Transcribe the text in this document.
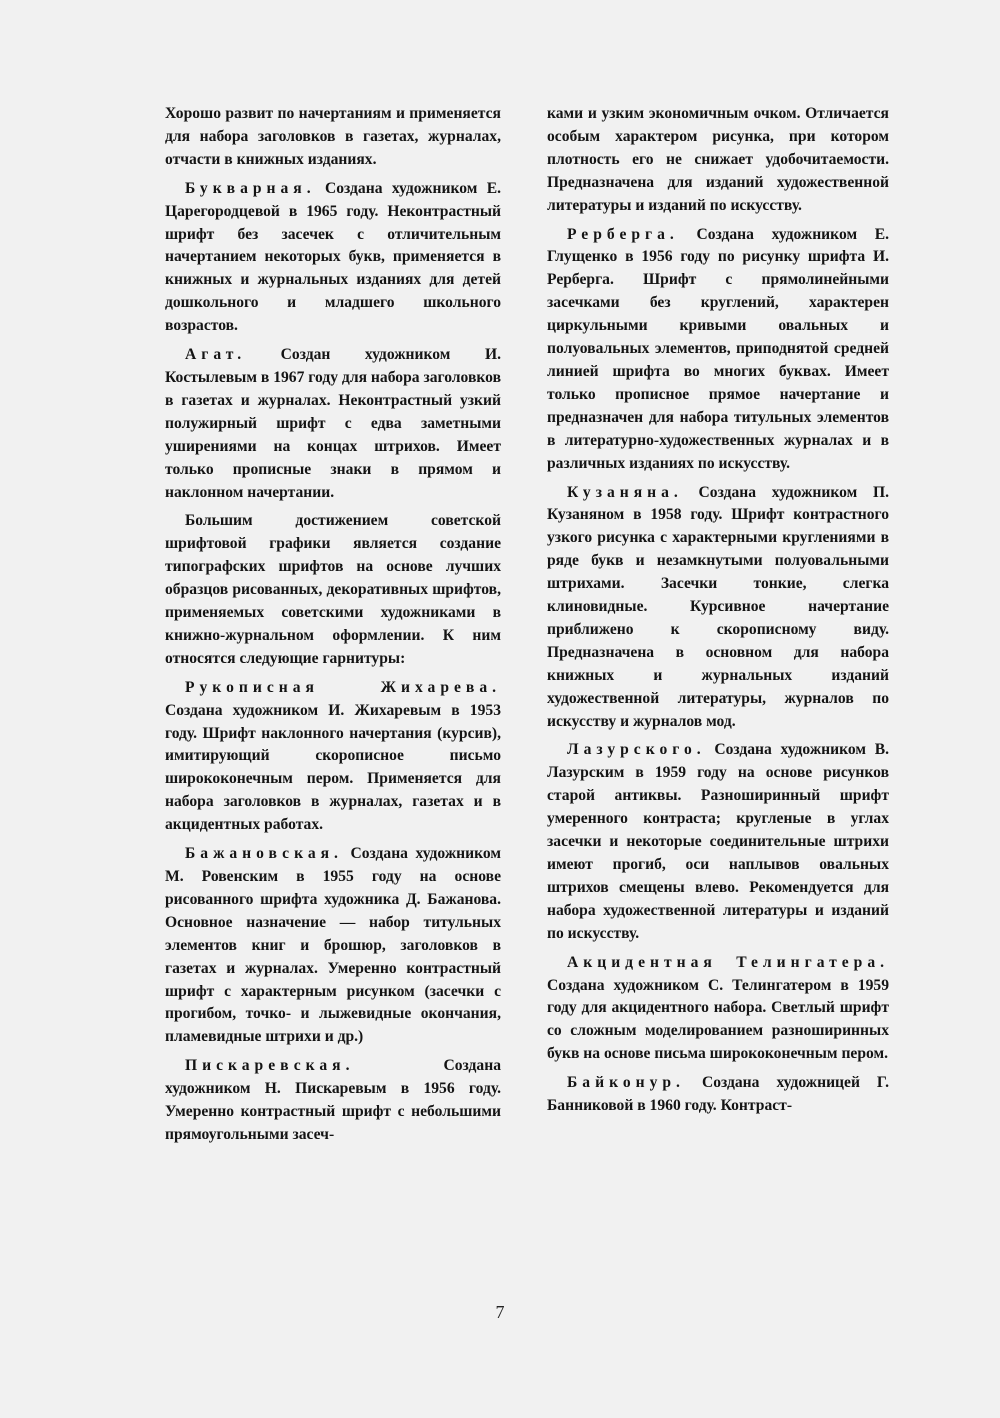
Хорошо развит по начертаниям и применяется для набора заголовков в газетах, журналах, отчасти в книжных изданиях.

Букварная. Создана художником Е. Царегородцевой в 1965 году. Неконтрастный шрифт без засечек с отличительным начертанием некоторых букв, применяется в книжных и журнальных изданиях для детей дошкольного и младшего школьного возрастов.

Агат. Создан художником И. Костылевым в 1967 году для набора заголовков в газетах и журналах. Неконтрастный узкий полужирный шрифт с едва заметными уширениями на концах штрихов. Имеет только прописные знаки в прямом и наклонном начертании.

Большим достижением советской шрифтовой графики является создание типографских шрифтов на основе лучших образцов рисованных, декоративных шрифтов, применяемых советскими художниками в книжно-журнальном оформлении. К ним относятся следующие гарнитуры:

Рукописная Жихарева. Создана художником И. Жихаревым в 1953 году. Шрифт наклонного начертания (курсив), имитирующий скорописное письмо ширококонечным пером. Применяется для набора заголовков в журналах, газетах и в акцидентных работах.

Бажановская. Создана художником М. Ровенским в 1955 году на основе рисованного шрифта художника Д. Бажанова. Основное назначение — набор титульных элементов книг и брошюр, заголовков в газетах и журналах. Умеренно контрастный шрифт с характерным рисунком (засечки с прогибом, точко- и лыжевидные окончания, пламевидные штрихи и др.)

Пискаревская. Создана художником Н. Пискаревым в 1956 году. Умеренно контрастный шрифт с небольшими прямоугольными засеч-

ками и узким экономичным очком. Отличается особым характером рисунка, при котором плотность его не снижает удобочитаемости. Предназначена для изданий художественной литературы и изданий по искусству.

Рерберга. Создана художником Е. Глущенко в 1956 году по рисунку шрифта И. Рерберга. Шрифт с прямолинейными засечками без круглений, характерен циркульными кривыми овальных и полуовальных элементов, приподнятой средней линией шрифта во многих буквах. Имеет только прописное прямое начертание и предназначен для набора титульных элементов в литературно-художественных журналах и в различных изданиях по искусству.

Кузаняна. Создана художником П. Кузаняном в 1958 году. Шрифт контрастного узкого рисунка с характерными круглениями в ряде букв и незамкнутыми полуовальными штрихами. Засечки тонкие, слегка клиновидные. Курсивное начертание приближено к скорописному виду. Предназначена в основном для набора книжных и журнальных изданий художественной литературы, журналов по искусству и журналов мод.

Лазурского. Создана художником В. Лазурским в 1959 году на основе рисунков старой антиквы. Разноширинный шрифт умеренного контраста; кругленые в углах засечки и некоторые соединительные штрихи имеют прогиб, оси наплывов овальных штрихов смещены влево. Рекомендуется для набора художественной литературы и изданий по искусству.

Акцидентная Телингатера. Создана художником С. Телингатером в 1959 году для акцидентного набора. Светлый шрифт со сложным моделированием разноширинных букв на основе письма ширококонечным пером.

Байконур. Создана художницей Г. Банниковой в 1960 году. Контраст-

7
